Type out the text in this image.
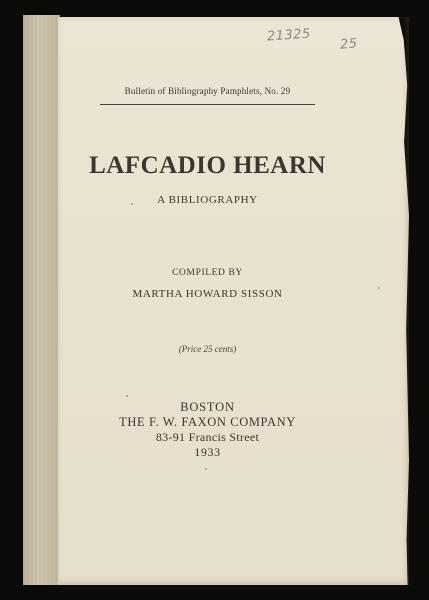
21325 25
Bulletin of Bibliography Pamphlets, No. 29
LAFCADIO HEARN
A BIBLIOGRAPHY
COMPILED BY
MARTHA HOWARD SISSON
(Price 25 cents)
BOSTON
THE F. W. FAXON COMPANY
83-91 Francis Street
1933
